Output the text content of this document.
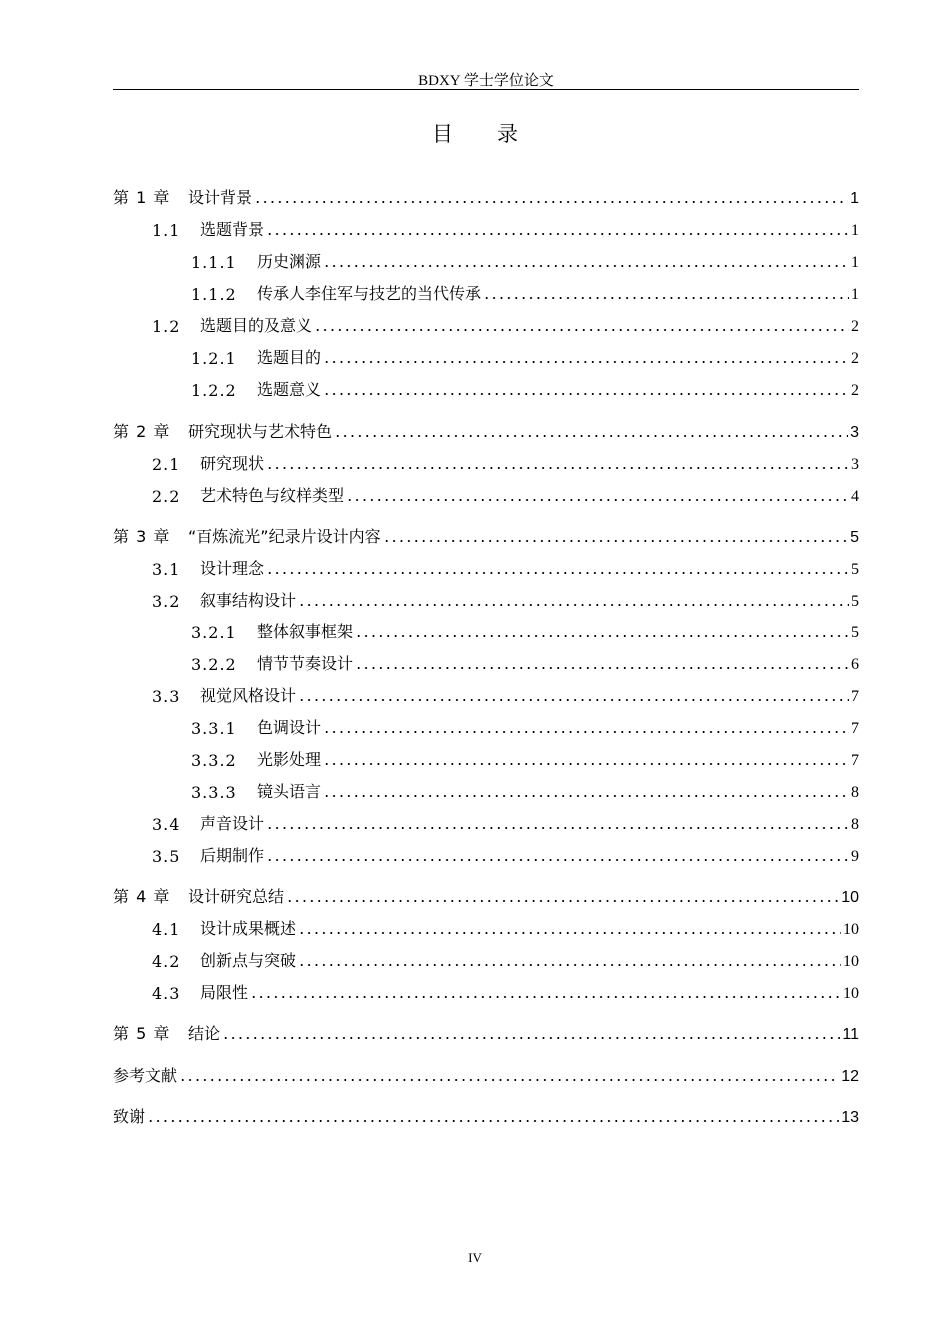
BDXY 学士学位论文
目录
第 1 章	设计背景	1
1.1	选题背景	1
1.1.1	历史渊源	1
1.1.2	传承人李住军与技艺的当代传承	1
1.2	选题目的及意义	2
1.2.1	选题目的	2
1.2.2	选题意义	2
第 2 章	研究现状与艺术特色	3
2.1	研究现状	3
2.2	艺术特色与纹样类型	4
第 3 章	“百炼流光”纪录片设计内容	5
3.1	设计理念	5
3.2	叙事结构设计	5
3.2.1	整体叙事框架	5
3.2.2	情节节奏设计	6
3.3	视觉风格设计	7
3.3.1	色调设计	7
3.3.2	光影处理	7
3.3.3	镜头语言	8
3.4	声音设计	8
3.5	后期制作	9
第 4 章	设计研究总结	10
4.1	设计成果概述	10
4.2	创新点与突破	10
4.3	局限性	10
第 5 章	结论	11
参考文献	12
致谢	13
IV
